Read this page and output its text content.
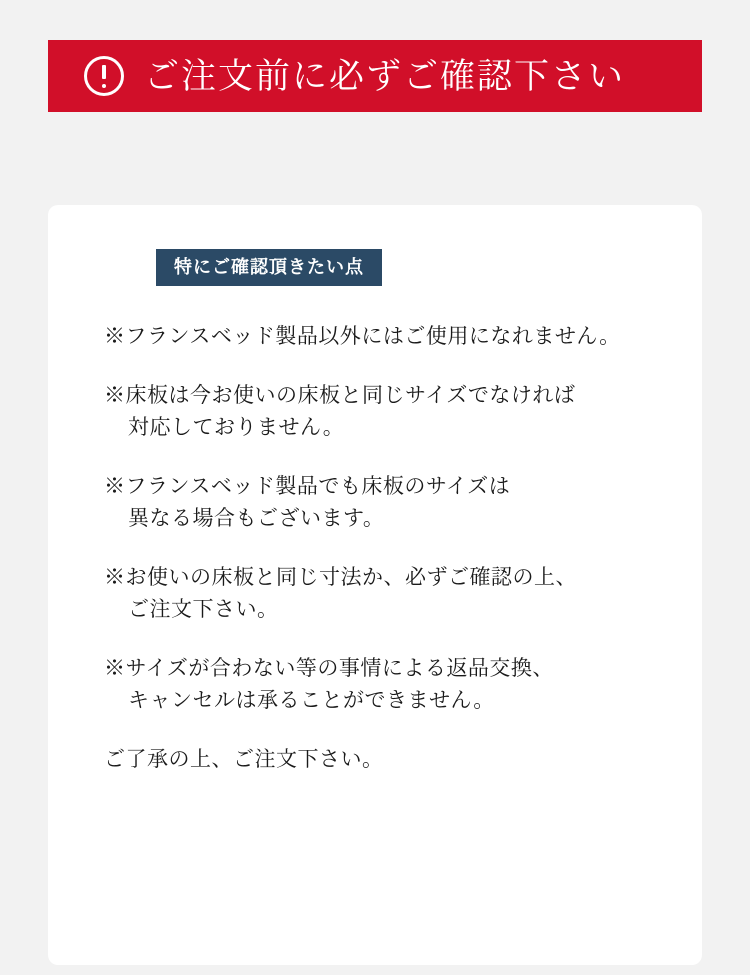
ご注文前に必ずご確認下さい
特にご確認頂きたい点

※フランスベッド製品以外にはご使用になれません。

※床板は今お使いの床板と同じサイズでなければ
対応しておりません。

※フランスベッド製品でも床板のサイズは
異なる場合もございます。

※お使いの床板と同じ寸法か、必ずご確認の上、
ご注文下さい。

※サイズが合わない等の事情による返品交換、
キャンセルは承ることができません。

ご了承の上、ご注文下さい。
